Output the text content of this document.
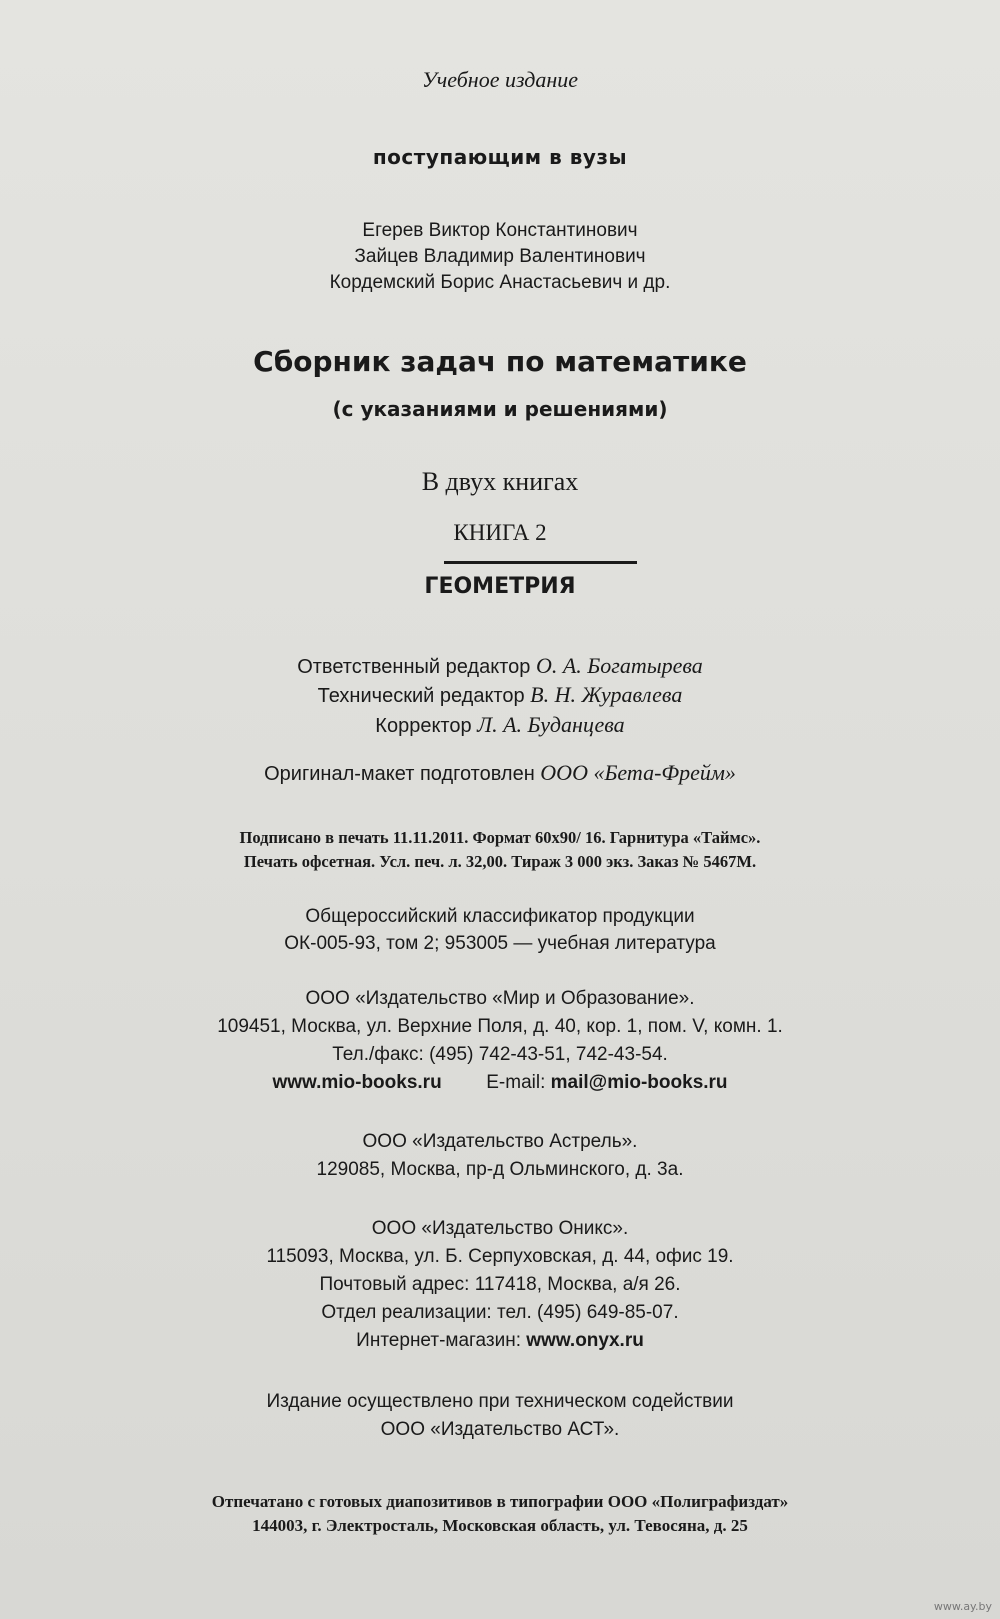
Учебное издание
поступающим в вузы
Егерев Виктор Константинович
Зайцев Владимир Валентинович
Кордемский Борис Анастасьевич и др.
Сборник задач по математике
(с указаниями и решениями)
В двух книгах
КНИГА 2
ГЕОМЕТРИЯ
Ответственный редактор О. А. Богатырева
Технический редактор В. Н. Журавлева
Корректор Л. А. Буданцева
Оригинал-макет подготовлен ООО «Бета-Фрейм»
Подписано в печать 11.11.2011. Формат 60х90/ 16. Гарнитура «Таймс».
Печать офсетная. Усл. печ. л. 32,00. Тираж 3 000 экз. Заказ № 5467М.
Общероссийский классификатор продукции
ОК-005-93, том 2; 953005 — учебная литература
ООО «Издательство «Мир и Образование».
109451, Москва, ул. Верхние Поля, д. 40, кор. 1, пом. V, комн. 1.
Тел./факс: (495) 742-43-51, 742-43-54.
www.mio-books.ru E-mail: mail@mio-books.ru
ООО «Издательство Астрель».
129085, Москва, пр-д Ольминского, д. 3а.
ООО «Издательство Оникс».
115093, Москва, ул. Б. Серпуховская, д. 44, офис 19.
Почтовый адрес: 117418, Москва, а/я 26.
Отдел реализации: тел. (495) 649-85-07.
Интернет-магазин: www.onyx.ru
Издание осуществлено при техническом содействии
ООО «Издательство АСТ».
Отпечатано с готовых диапозитивов в типографии ООО «Полиграфиздат»
144003, г. Электросталь, Московская область, ул. Тевосяна, д. 25
www.ay.by
